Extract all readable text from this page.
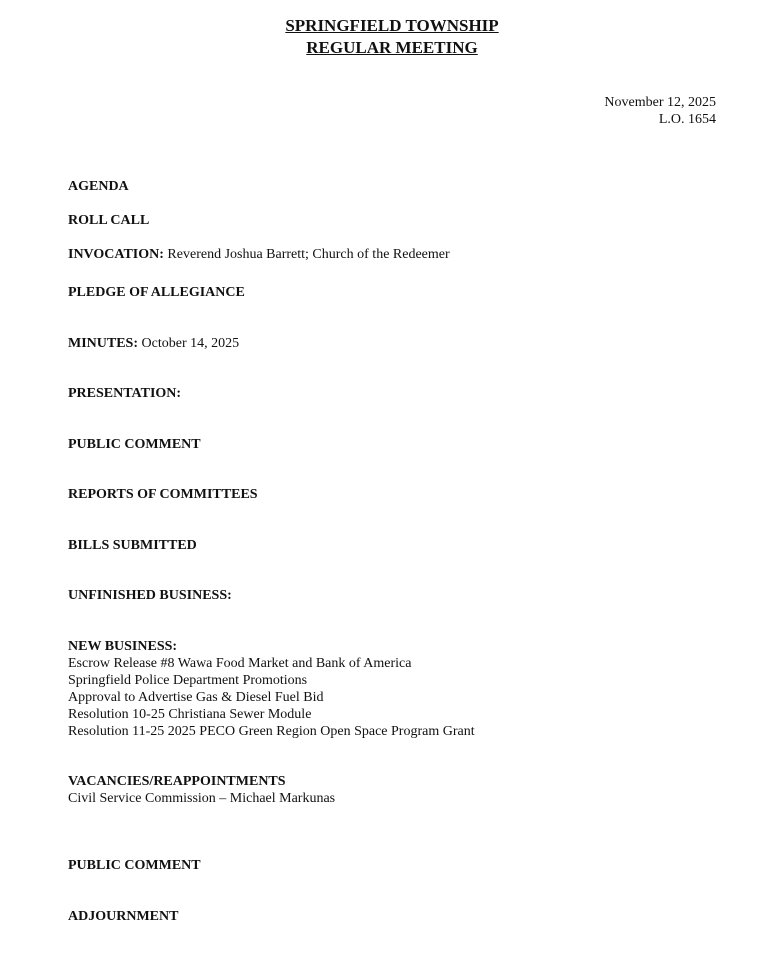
SPRINGFIELD TOWNSHIP
REGULAR MEETING
November 12, 2025
L.O. 1654
AGENDA
ROLL CALL
INVOCATION: Reverend Joshua Barrett; Church of the Redeemer
PLEDGE OF ALLEGIANCE
MINUTES: October 14, 2025
PRESENTATION:
PUBLIC COMMENT
REPORTS OF COMMITTEES
BILLS SUBMITTED
UNFINISHED BUSINESS:
NEW BUSINESS:
Escrow Release #8 Wawa Food Market and Bank of America
Springfield Police Department Promotions
Approval to Advertise Gas & Diesel Fuel Bid
Resolution 10-25 Christiana Sewer Module
Resolution 11-25 2025 PECO Green Region Open Space Program Grant
VACANCIES/REAPPOINTMENTS
Civil Service Commission – Michael Markunas
PUBLIC COMMENT
ADJOURNMENT
